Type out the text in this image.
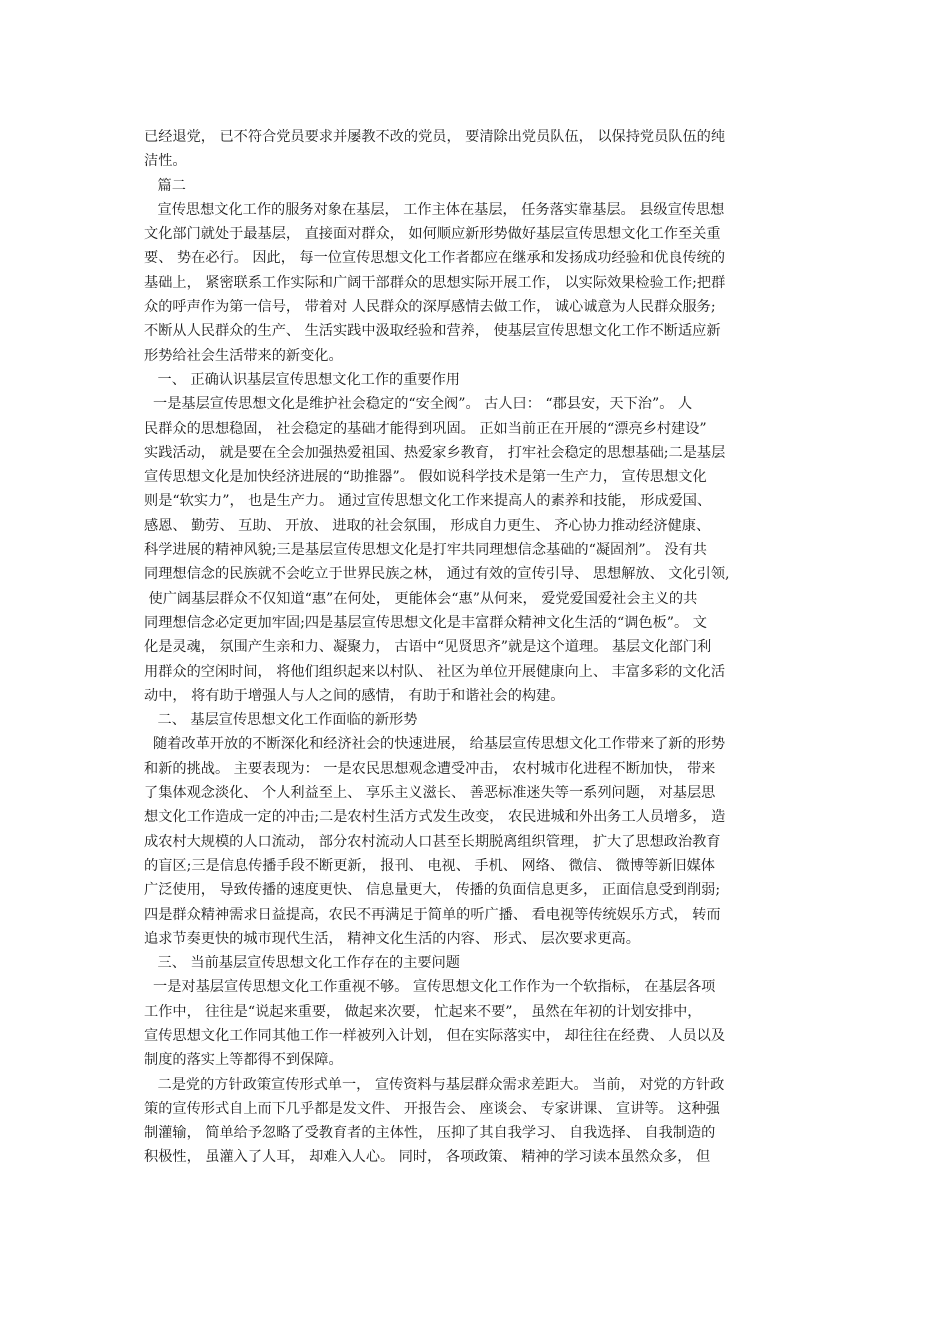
已经退党， 已不符合党员要求并屡教不改的党员， 要清除出党员队伍， 以保持党员队伍的纯
洁性。
篇二
宣传思想文化工作的服务对象在基层， 工作主体在基层， 任务落实靠基层。 县级宣传思想
文化部门就处于最基层， 直接面对群众， 如何顺应新形势做好基层宣传思想文化工作至关重
要、 势在必行。 因此， 每一位宣传思想文化工作者都应在继承和发扬成功经验和优良传统的
基础上， 紧密联系工作实际和广阔干部群众的思想实际开展工作， 以实际效果检验工作;把群
众的呼声作为第一信号， 带着对 人民群众的深厚感情去做工作， 诚心诚意为人民群众服务;
不断从人民群众的生产、 生活实践中汲取经验和营养， 使基层宣传思想文化工作不断适应新
形势给社会生活带来的新变化。
一、 正确认识基层宣传思想文化工作的重要作用
一是基层宣传思想文化是维护社会稳定的“安全阀”。 古人曰： “郡县安，天下治”。 人
民群众的思想稳固， 社会稳定的基础才能得到巩固。 正如当前正在开展的“漂亮乡村建设”
实践活动， 就是要在全会加强热爱祖国、热爱家乡教育， 打牢社会稳定的思想基础;二是基层
宣传思想文化是加快经济进展的“助推器”。 假如说科学技术是第一生产力， 宣传思想文化
则是“软实力”， 也是生产力。 通过宣传思想文化工作来提高人的素养和技能， 形成爱国、
感恩、 勤劳、 互助、 开放、 进取的社会氛围， 形成自力更生、 齐心协力推动经济健康、
科学进展的精神风貌;三是基层宣传思想文化是打牢共同理想信念基础的“凝固剂”。 没有共
同理想信念的民族就不会屹立于世界民族之林， 通过有效的宣传引导、 思想解放、 文化引领,
使广阔基层群众不仅知道“惠”在何处， 更能体会“惠”从何来， 爱党爱国爱社会主义的共
同理想信念必定更加牢固;四是基层宣传思想文化是丰富群众精神文化生活的“调色板”。 文
化是灵魂， 氛围产生亲和力、凝聚力， 古语中“见贤思齐”就是这个道理。 基层文化部门利
用群众的空闲时间， 将他们组织起来以村队、 社区为单位开展健康向上、 丰富多彩的文化活
动中， 将有助于增强人与人之间的感情， 有助于和谐社会的构建。
二、 基层宣传思想文化工作面临的新形势
随着改革开放的不断深化和经济社会的快速进展， 给基层宣传思想文化工作带来了新的形势
和新的挑战。 主要表现为： 一是农民思想观念遭受冲击， 农村城市化进程不断加快， 带来
了集体观念淡化、 个人利益至上、 享乐主义滋长、 善恶标准迷失等一系列问题， 对基层思
想文化工作造成一定的冲击;二是农村生活方式发生改变， 农民进城和外出务工人员增多， 造
成农村大规模的人口流动， 部分农村流动人口甚至长期脱离组织管理， 扩大了思想政治教育
的盲区;三是信息传播手段不断更新， 报刊、 电视、 手机、 网络、 微信、 微博等新旧媒体
广泛使用， 导致传播的速度更快、 信息量更大， 传播的负面信息更多， 正面信息受到削弱;
四是群众精神需求日益提高，农民不再满足于简单的听广播、 看电视等传统娱乐方式， 转而
追求节奏更快的城市现代生活， 精神文化生活的内容、 形式、 层次要求更高。
三、 当前基层宣传思想文化工作存在的主要问题
一是对基层宣传思想文化工作重视不够。 宣传思想文化工作作为一个软指标， 在基层各项
工作中， 往往是“说起来重要， 做起来次要， 忙起来不要”， 虽然在年初的计划安排中，
宣传思想文化工作同其他工作一样被列入计划， 但在实际落实中， 却往往在经费、 人员以及
制度的落实上等都得不到保障。
二是党的方针政策宣传形式单一， 宣传资料与基层群众需求差距大。 当前， 对党的方针政
策的宣传形式自上而下几乎都是发文件、 开报告会、 座谈会、 专家讲课、 宣讲等。 这种强
制灌输， 简单给予忽略了受教育者的主体性， 压抑了其自我学习、 自我选择、 自我制造的
积极性， 虽灌入了人耳， 却难入人心。 同时， 各项政策、 精神的学习读本虽然众多， 但
